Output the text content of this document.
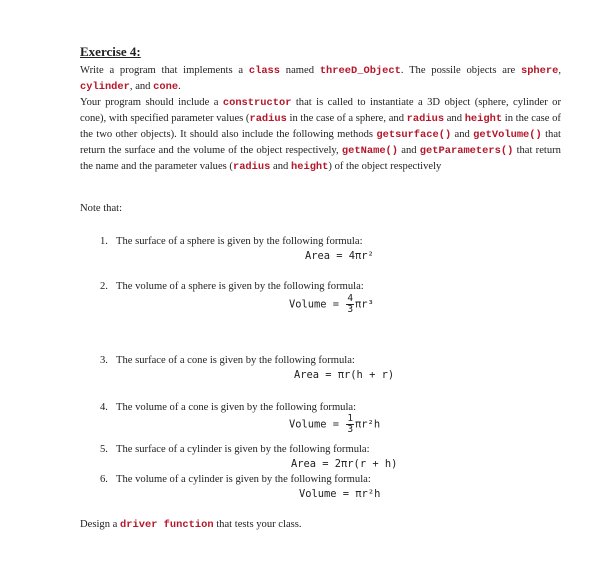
Exercise 4:
Write a program that implements a class named threeD_Object. The possile objects are sphere, cylinder, and cone.
Your program should include a constructor that is called to instantiate a 3D object (sphere, cylinder or cone), with specified parameter values (radius in the case of a sphere, and radius and height in the case of the two other objects). It should also include the following methods getsurface() and getVolume() that return the surface and the volume of the object respectively, getName() and getParameters() that return the name and the parameter values (radius and height) of the object respectively
Note that:
1. The surface of a sphere is given by the following formula:
Area = 4πr²
2. The volume of a sphere is given by the following formula:
Volume = $\frac{4}{3} \pi r^3$
3. The surface of a cone is given by the following formula:
Area = πr(h + r)
4. The volume of a cone is given by the following formula:
Volume = $\frac{1}{3} \pi r^2h$
5. The surface of a cylinder is given by the following formula:
Area = 2πr(r + h)
6. The volume of a cylinder is given by the following formula:
Volume = πr²h
Design a driver function that tests your class.
